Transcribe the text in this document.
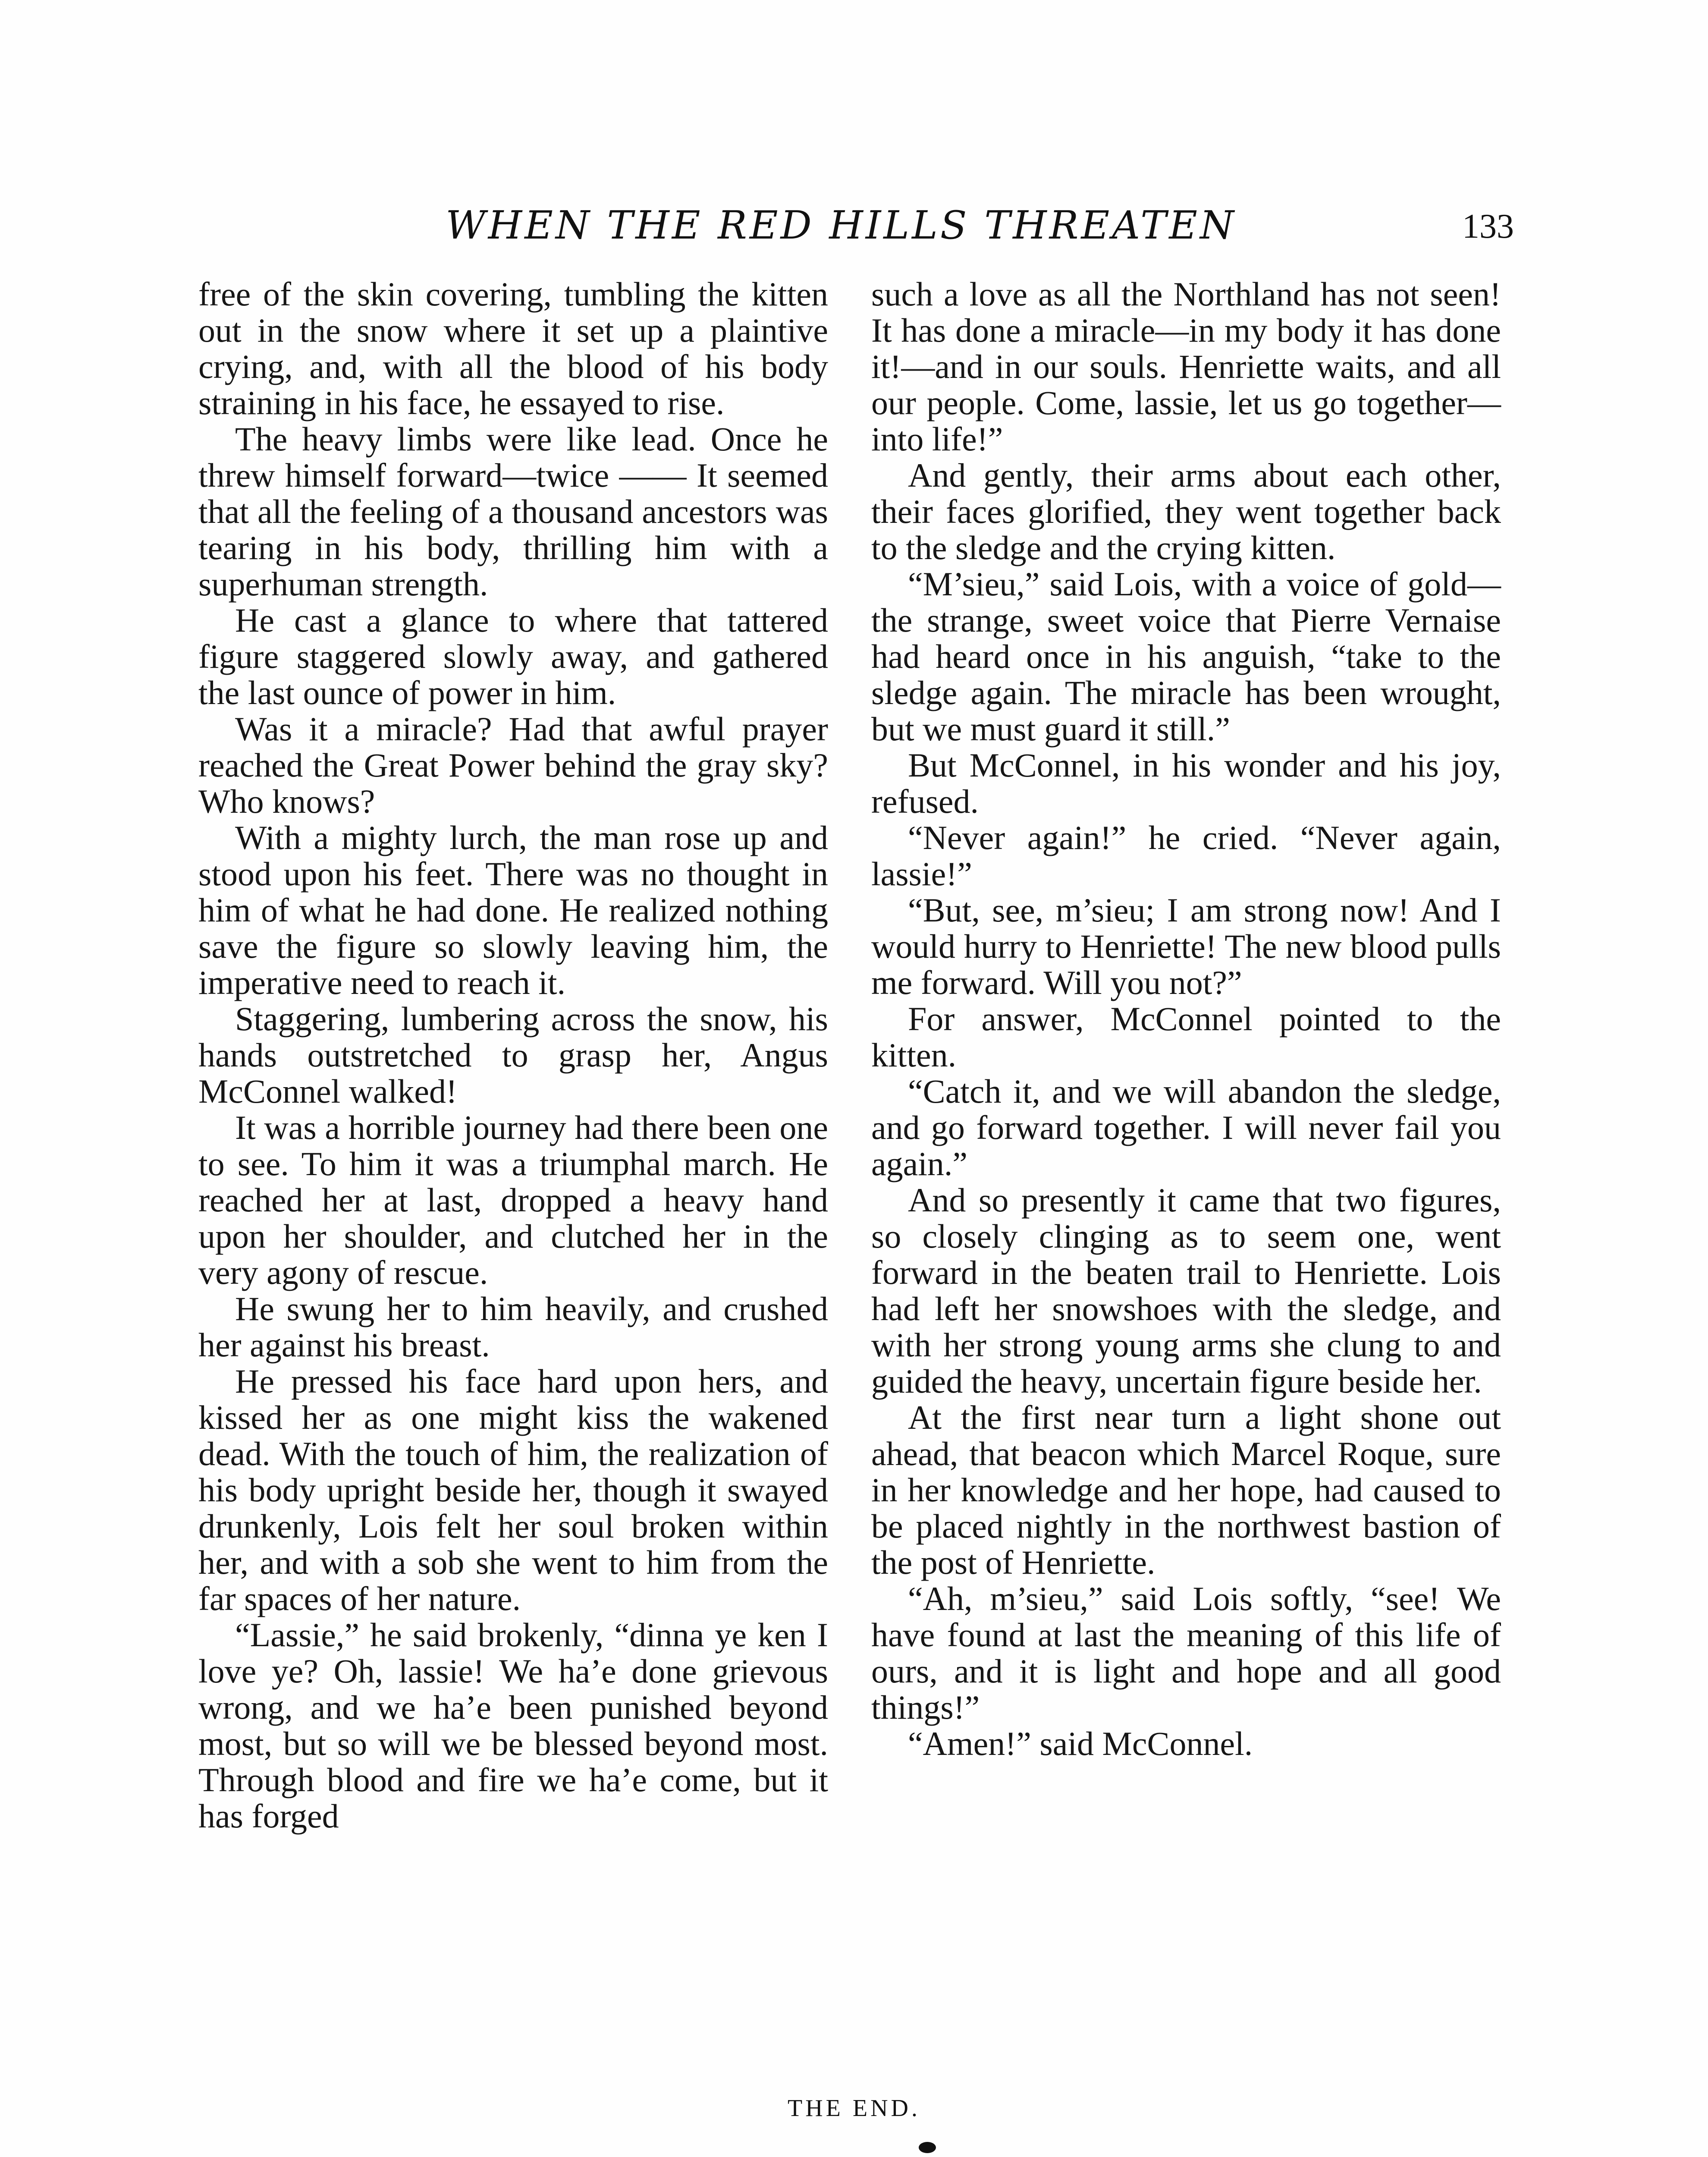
WHEN THE RED HILLS THREATEN	133

free of the skin covering, tumbling the kitten out in the snow where it set up a plaintive crying, and, with all the blood of his body straining in his face, he essayed to rise.

The heavy limbs were like lead. Once he threw himself forward—twice —— It seemed that all the feeling of a thousand ancestors was tearing in his body, thrilling him with a superhuman strength.

He cast a glance to where that tattered figure staggered slowly away, and gathered the last ounce of power in him.

Was it a miracle? Had that awful prayer reached the Great Power behind the gray sky? Who knows?

With a mighty lurch, the man rose up and stood upon his feet. There was no thought in him of what he had done. He realized nothing save the figure so slowly leaving him, the imperative need to reach it.

Staggering, lumbering across the snow, his hands outstretched to grasp her, Angus McConnel walked!

It was a horrible journey had there been one to see. To him it was a triumphal march. He reached her at last, dropped a heavy hand upon her shoulder, and clutched her in the very agony of rescue.

He swung her to him heavily, and crushed her against his breast.

He pressed his face hard upon hers, and kissed her as one might kiss the wakened dead. With the touch of him, the realization of his body upright beside her, though it swayed drunkenly, Lois felt her soul broken within her, and with a sob she went to him from the far spaces of her nature.

“Lassie,” he said brokenly, “dinna ye ken I love ye? Oh, lassie! We ha’e done grievous wrong, and we ha’e been punished beyond most, but so will we be blessed beyond most. Through blood and fire we ha’e come, but it has forged

such a love as all the Northland has not seen! It has done a miracle—in my body it has done it!—and in our souls. Henriette waits, and all our people. Come, lassie, let us go together—into life!”

And gently, their arms about each other, their faces glorified, they went together back to the sledge and the crying kitten.

“M’sieu,” said Lois, with a voice of gold—the strange, sweet voice that Pierre Vernaise had heard once in his anguish, “take to the sledge again. The miracle has been wrought, but we must guard it still.”

But McConnel, in his wonder and his joy, refused.

“Never again!” he cried. “Never again, lassie!”

“But, see, m’sieu; I am strong now! And I would hurry to Henriette! The new blood pulls me forward. Will you not?”

For answer, McConnel pointed to the kitten.

“Catch it, and we will abandon the sledge, and go forward together. I will never fail you again.”

And so presently it came that two figures, so closely clinging as to seem one, went forward in the beaten trail to Henriette. Lois had left her snowshoes with the sledge, and with her strong young arms she clung to and guided the heavy, uncertain figure beside her.

At the first near turn a light shone out ahead, that beacon which Marcel Roque, sure in her knowledge and her hope, had caused to be placed nightly in the northwest bastion of the post of Henriette.

“Ah, m’sieu,” said Lois softly, “see! We have found at last the meaning of this life of ours, and it is light and hope and all good things!”

“Amen!” said McConnel.

THE END.
